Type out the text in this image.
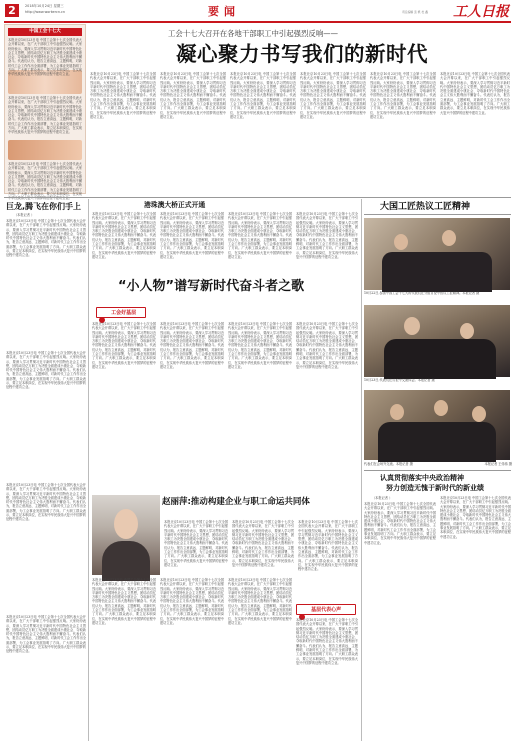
2	2018年10月24日 星期三
http://www.workercn.cn	要闻	责任编辑 张 帆 杜 鑫 工人日报
中国工会十七大
本报北京10月23日电 中国工会第十七次全国代表大会开幕以来，在广大干部职工中引起强烈反响。大家纷纷表示，要深入学习贯彻习近平新时代中国特色社会主义思想，团结动员亿万职工为决胜全面建成小康社会、夺取新时代中国特色社会主义伟大胜利而不懈奋斗。代表们认为，报告立意高远、主题鲜明，对新时代工会工作作出全面部署，为工会事业发展指明了方向。广大职工群众表示，要立足本职岗位，在实现中华民族伟大复兴中国梦的征程中建功立业。
本报北京10月23日电 中国工会第十七次全国代表大会开幕以来，在广大干部职工中引起强烈反响。大家纷纷表示，要深入学习贯彻习近平新时代中国特色社会主义思想，团结动员亿万职工为决胜全面建成小康社会、夺取新时代中国特色社会主义伟大胜利而不懈奋斗。代表们认为，报告立意高远、主题鲜明，对新时代工会工作作出全面部署，为工会事业发展指明了方向。广大职工群众表示，要立足本职岗位，在实现中华民族伟大复兴中国梦的征程中建功立业。
本报北京10月23日电 中国工会第十七次全国代表大会开幕以来，在广大干部职工中引起强烈反响。大家纷纷表示，要深入学习贯彻习近平新时代中国特色社会主义思想，团结动员亿万职工为决胜全面建成小康社会、夺取新时代中国特色社会主义伟大胜利而不懈奋斗。代表们认为，报告立意高远、主题鲜明，对新时代工会工作作出全面部署，为工会事业发展指明了方向。广大职工群众表示，要立足本职岗位，在实现中华民族伟大复兴中国梦的征程中建功立业。
工会十七大召开在各地干部职工中引起强烈反响——
凝心聚力书写我们的新时代
本报北京10月23日电 中国工会第十七次全国代表大会开幕以来，在广大干部职工中引起强烈反响。大家纷纷表示，要深入学习贯彻习近平新时代中国特色社会主义思想，团结动员亿万职工为决胜全面建成小康社会、夺取新时代中国特色社会主义伟大胜利而不懈奋斗。代表们认为，报告立意高远、主题鲜明，对新时代工会工作作出全面部署，为工会事业发展指明了方向。广大职工群众表示，要立足本职岗位，在实现中华民族伟大复兴中国梦的征程中建功立业。
本报北京10月23日电 中国工会第十七次全国代表大会开幕以来，在广大干部职工中引起强烈反响。大家纷纷表示，要深入学习贯彻习近平新时代中国特色社会主义思想，团结动员亿万职工为决胜全面建成小康社会、夺取新时代中国特色社会主义伟大胜利而不懈奋斗。代表们认为，报告立意高远、主题鲜明，对新时代工会工作作出全面部署，为工会事业发展指明了方向。广大职工群众表示，要立足本职岗位，在实现中华民族伟大复兴中国梦的征程中建功立业。
本报北京10月23日电 中国工会第十七次全国代表大会开幕以来，在广大干部职工中引起强烈反响。大家纷纷表示，要深入学习贯彻习近平新时代中国特色社会主义思想，团结动员亿万职工为决胜全面建成小康社会、夺取新时代中国特色社会主义伟大胜利而不懈奋斗。代表们认为，报告立意高远、主题鲜明，对新时代工会工作作出全面部署，为工会事业发展指明了方向。广大职工群众表示，要立足本职岗位，在实现中华民族伟大复兴中国梦的征程中建功立业。
本报北京10月23日电 中国工会第十七次全国代表大会开幕以来，在广大干部职工中引起强烈反响。大家纷纷表示，要深入学习贯彻习近平新时代中国特色社会主义思想，团结动员亿万职工为决胜全面建成小康社会、夺取新时代中国特色社会主义伟大胜利而不懈奋斗。代表们认为，报告立意高远、主题鲜明，对新时代工会工作作出全面部署，为工会事业发展指明了方向。广大职工群众表示，要立足本职岗位，在实现中华民族伟大复兴中国梦的征程中建功立业。
本报北京10月23日电 中国工会第十七次全国代表大会开幕以来，在广大干部职工中引起强烈反响。大家纷纷表示，要深入学习贯彻习近平新时代中国特色社会主义思想，团结动员亿万职工为决胜全面建成小康社会、夺取新时代中国特色社会主义伟大胜利而不懈奋斗。代表们认为，报告立意高远、主题鲜明，对新时代工会工作作出全面部署，为工会事业发展指明了方向。广大职工群众表示，要立足本职岗位，在实现中华民族伟大复兴中国梦的征程中建功立业。
本报北京10月23日电 中国工会第十七次全国代表大会开幕以来，在广大干部职工中引起强烈反响。大家纷纷表示，要深入学习贯彻习近平新时代中国特色社会主义思想，团结动员亿万职工为决胜全面建成小康社会、夺取新时代中国特色社会主义伟大胜利而不懈奋斗。代表们认为，报告立意高远、主题鲜明，对新时代工会工作作出全面部署，为工会事业发展指明了方向。广大职工群众表示，要立足本职岗位，在实现中华民族伟大复兴中国梦的征程中建功立业。
巨龙,腾飞在你们手上
（本报记者 ）
本报北京10月23日电 中国工会第十七次全国代表大会开幕以来，在广大干部职工中引起强烈反响。大家纷纷表示，要深入学习贯彻习近平新时代中国特色社会主义思想，团结动员亿万职工为决胜全面建成小康社会、夺取新时代中国特色社会主义伟大胜利而不懈奋斗。代表们认为，报告立意高远、主题鲜明，对新时代工会工作作出全面部署，为工会事业发展指明了方向。广大职工群众表示，要立足本职岗位，在实现中华民族伟大复兴中国梦的征程中建功立业。
本报北京10月23日电 中国工会第十七次全国代表大会开幕以来，在广大干部职工中引起强烈反响。大家纷纷表示，要深入学习贯彻习近平新时代中国特色社会主义思想，团结动员亿万职工为决胜全面建成小康社会、夺取新时代中国特色社会主义伟大胜利而不懈奋斗。代表们认为，报告立意高远、主题鲜明，对新时代工会工作作出全面部署，为工会事业发展指明了方向。广大职工群众表示，要立足本职岗位，在实现中华民族伟大复兴中国梦的征程中建功立业。
本报北京10月23日电 中国工会第十七次全国代表大会开幕以来，在广大干部职工中引起强烈反响。大家纷纷表示，要深入学习贯彻习近平新时代中国特色社会主义思想，团结动员亿万职工为决胜全面建成小康社会、夺取新时代中国特色社会主义伟大胜利而不懈奋斗。代表们认为，报告立意高远、主题鲜明，对新时代工会工作作出全面部署，为工会事业发展指明了方向。广大职工群众表示，要立足本职岗位，在实现中华民族伟大复兴中国梦的征程中建功立业。
本报北京10月23日电 中国工会第十七次全国代表大会开幕以来，在广大干部职工中引起强烈反响。大家纷纷表示，要深入学习贯彻习近平新时代中国特色社会主义思想，团结动员亿万职工为决胜全面建成小康社会、夺取新时代中国特色社会主义伟大胜利而不懈奋斗。代表们认为，报告立意高远、主题鲜明，对新时代工会工作作出全面部署，为工会事业发展指明了方向。广大职工群众表示，要立足本职岗位，在实现中华民族伟大复兴中国梦的征程中建功立业。
港珠澳大桥正式开通
本报北京10月23日电 中国工会第十七次全国代表大会开幕以来，在广大干部职工中引起强烈反响。大家纷纷表示，要深入学习贯彻习近平新时代中国特色社会主义思想，团结动员亿万职工为决胜全面建成小康社会、夺取新时代中国特色社会主义伟大胜利而不懈奋斗。代表们认为，报告立意高远、主题鲜明，对新时代工会工作作出全面部署，为工会事业发展指明了方向。广大职工群众表示，要立足本职岗位，在实现中华民族伟大复兴中国梦的征程中建功立业。
本报北京10月23日电 中国工会第十七次全国代表大会开幕以来，在广大干部职工中引起强烈反响。大家纷纷表示，要深入学习贯彻习近平新时代中国特色社会主义思想，团结动员亿万职工为决胜全面建成小康社会、夺取新时代中国特色社会主义伟大胜利而不懈奋斗。代表们认为，报告立意高远、主题鲜明，对新时代工会工作作出全面部署，为工会事业发展指明了方向。广大职工群众表示，要立足本职岗位，在实现中华民族伟大复兴中国梦的征程中建功立业。
本报北京10月23日电 中国工会第十七次全国代表大会开幕以来，在广大干部职工中引起强烈反响。大家纷纷表示，要深入学习贯彻习近平新时代中国特色社会主义思想，团结动员亿万职工为决胜全面建成小康社会、夺取新时代中国特色社会主义伟大胜利而不懈奋斗。代表们认为，报告立意高远、主题鲜明，对新时代工会工作作出全面部署，为工会事业发展指明了方向。广大职工群众表示，要立足本职岗位，在实现中华民族伟大复兴中国梦的征程中建功立业。
本报北京10月23日电 中国工会第十七次全国代表大会开幕以来，在广大干部职工中引起强烈反响。大家纷纷表示，要深入学习贯彻习近平新时代中国特色社会主义思想，团结动员亿万职工为决胜全面建成小康社会、夺取新时代中国特色社会主义伟大胜利而不懈奋斗。代表们认为，报告立意高远、主题鲜明，对新时代工会工作作出全面部署，为工会事业发展指明了方向。广大职工群众表示，要立足本职岗位，在实现中华民族伟大复兴中国梦的征程中建功立业。
“小人物”谱写新时代奋斗者之歌
$^{工会好基层}$
本报北京10月23日电 中国工会第十七次全国代表大会开幕以来，在广大干部职工中引起强烈反响。大家纷纷表示，要深入学习贯彻习近平新时代中国特色社会主义思想，团结动员亿万职工为决胜全面建成小康社会、夺取新时代中国特色社会主义伟大胜利而不懈奋斗。代表们认为，报告立意高远、主题鲜明，对新时代工会工作作出全面部署，为工会事业发展指明了方向。广大职工群众表示，要立足本职岗位，在实现中华民族伟大复兴中国梦的征程中建功立业。
本报北京10月23日电 中国工会第十七次全国代表大会开幕以来，在广大干部职工中引起强烈反响。大家纷纷表示，要深入学习贯彻习近平新时代中国特色社会主义思想，团结动员亿万职工为决胜全面建成小康社会、夺取新时代中国特色社会主义伟大胜利而不懈奋斗。代表们认为，报告立意高远、主题鲜明，对新时代工会工作作出全面部署，为工会事业发展指明了方向。广大职工群众表示，要立足本职岗位，在实现中华民族伟大复兴中国梦的征程中建功立业。
本报北京10月23日电 中国工会第十七次全国代表大会开幕以来，在广大干部职工中引起强烈反响。大家纷纷表示，要深入学习贯彻习近平新时代中国特色社会主义思想，团结动员亿万职工为决胜全面建成小康社会、夺取新时代中国特色社会主义伟大胜利而不懈奋斗。代表们认为，报告立意高远、主题鲜明，对新时代工会工作作出全面部署，为工会事业发展指明了方向。广大职工群众表示，要立足本职岗位，在实现中华民族伟大复兴中国梦的征程中建功立业。
本报北京10月23日电 中国工会第十七次全国代表大会开幕以来，在广大干部职工中引起强烈反响。大家纷纷表示，要深入学习贯彻习近平新时代中国特色社会主义思想，团结动员亿万职工为决胜全面建成小康社会、夺取新时代中国特色社会主义伟大胜利而不懈奋斗。代表们认为，报告立意高远、主题鲜明，对新时代工会工作作出全面部署，为工会事业发展指明了方向。广大职工群众表示，要立足本职岗位，在实现中华民族伟大复兴中国梦的征程中建功立业。
赵丽萍:推动构建企业与职工命运共同体
本报北京10月23日电 中国工会第十七次全国代表大会开幕以来，在广大干部职工中引起强烈反响。大家纷纷表示，要深入学习贯彻习近平新时代中国特色社会主义思想，团结动员亿万职工为决胜全面建成小康社会、夺取新时代中国特色社会主义伟大胜利而不懈奋斗。代表们认为，报告立意高远、主题鲜明，对新时代工会工作作出全面部署，为工会事业发展指明了方向。广大职工群众表示，要立足本职岗位，在实现中华民族伟大复兴中国梦的征程中建功立业。
本报北京10月23日电 中国工会第十七次全国代表大会开幕以来，在广大干部职工中引起强烈反响。大家纷纷表示，要深入学习贯彻习近平新时代中国特色社会主义思想，团结动员亿万职工为决胜全面建成小康社会、夺取新时代中国特色社会主义伟大胜利而不懈奋斗。代表们认为，报告立意高远、主题鲜明，对新时代工会工作作出全面部署，为工会事业发展指明了方向。广大职工群众表示，要立足本职岗位，在实现中华民族伟大复兴中国梦的征程中建功立业。
本报北京10月23日电 中国工会第十七次全国代表大会开幕以来，在广大干部职工中引起强烈反响。大家纷纷表示，要深入学习贯彻习近平新时代中国特色社会主义思想，团结动员亿万职工为决胜全面建成小康社会、夺取新时代中国特色社会主义伟大胜利而不懈奋斗。代表们认为，报告立意高远、主题鲜明，对新时代工会工作作出全面部署，为工会事业发展指明了方向。广大职工群众表示，要立足本职岗位，在实现中华民族伟大复兴中国梦的征程中建功立业。
本报北京10月23日电 中国工会第十七次全国代表大会开幕以来，在广大干部职工中引起强烈反响。大家纷纷表示，要深入学习贯彻习近平新时代中国特色社会主义思想，团结动员亿万职工为决胜全面建成小康社会、夺取新时代中国特色社会主义伟大胜利而不懈奋斗。代表们认为，报告立意高远、主题鲜明，对新时代工会工作作出全面部署，为工会事业发展指明了方向。广大职工群众表示，要立足本职岗位，在实现中华民族伟大复兴中国梦的征程中建功立业。
本报北京10月23日电 中国工会第十七次全国代表大会开幕以来，在广大干部职工中引起强烈反响。大家纷纷表示，要深入学习贯彻习近平新时代中国特色社会主义思想，团结动员亿万职工为决胜全面建成小康社会、夺取新时代中国特色社会主义伟大胜利而不懈奋斗。代表们认为，报告立意高远、主题鲜明，对新时代工会工作作出全面部署，为工会事业发展指明了方向。广大职工群众表示，要立足本职岗位，在实现中华民族伟大复兴中国梦的征程中建功立业。
本报北京10月23日电 中国工会第十七次全国代表大会开幕以来，在广大干部职工中引起强烈反响。大家纷纷表示，要深入学习贯彻习近平新时代中国特色社会主义思想，团结动员亿万职工为决胜全面建成小康社会、夺取新时代中国特色社会主义伟大胜利而不懈奋斗。代表们认为，报告立意高远、主题鲜明，对新时代工会工作作出全面部署，为工会事业发展指明了方向。广大职工群众表示，要立足本职岗位，在实现中华民族伟大复兴中国梦的征程中建功立业。
$^{基层代表心声}$
本报北京10月23日电 中国工会第十七次全国代表大会开幕以来，在广大干部职工中引起强烈反响。大家纷纷表示，要深入学习贯彻习近平新时代中国特色社会主义思想，团结动员亿万职工为决胜全面建成小康社会、夺取新时代中国特色社会主义伟大胜利而不懈奋斗。代表们认为，报告立意高远、主题鲜明，对新时代工会工作作出全面部署，为工会事业发展指明了方向。广大职工群众表示，要立足本职岗位，在实现中华民族伟大复兴中国梦的征程中建功立业。
大国工匠热议工匠精神
10月22日,参加中国工会十七大的代表们在分组讨论中热议工匠精神。本报记者 摄
10月23日,代表们在讨论中交流体会。本报记者 摄
代表们在会场外交流。本报记者 摄	本报记者 王伟伟 摄
认真贯彻落实中央政治精神
努力创造无愧于新时代的新业绩
（本报记者 ）
本报北京10月23日电 中国工会第十七次全国代表大会开幕以来，在广大干部职工中引起强烈反响。大家纷纷表示，要深入学习贯彻习近平新时代中国特色社会主义思想，团结动员亿万职工为决胜全面建成小康社会、夺取新时代中国特色社会主义伟大胜利而不懈奋斗。代表们认为，报告立意高远、主题鲜明，对新时代工会工作作出全面部署，为工会事业发展指明了方向。广大职工群众表示，要立足本职岗位，在实现中华民族伟大复兴中国梦的征程中建功立业。
本报北京10月23日电 中国工会第十七次全国代表大会开幕以来，在广大干部职工中引起强烈反响。大家纷纷表示，要深入学习贯彻习近平新时代中国特色社会主义思想，团结动员亿万职工为决胜全面建成小康社会、夺取新时代中国特色社会主义伟大胜利而不懈奋斗。代表们认为，报告立意高远、主题鲜明，对新时代工会工作作出全面部署，为工会事业发展指明了方向。广大职工群众表示，要立足本职岗位，在实现中华民族伟大复兴中国梦的征程中建功立业。
